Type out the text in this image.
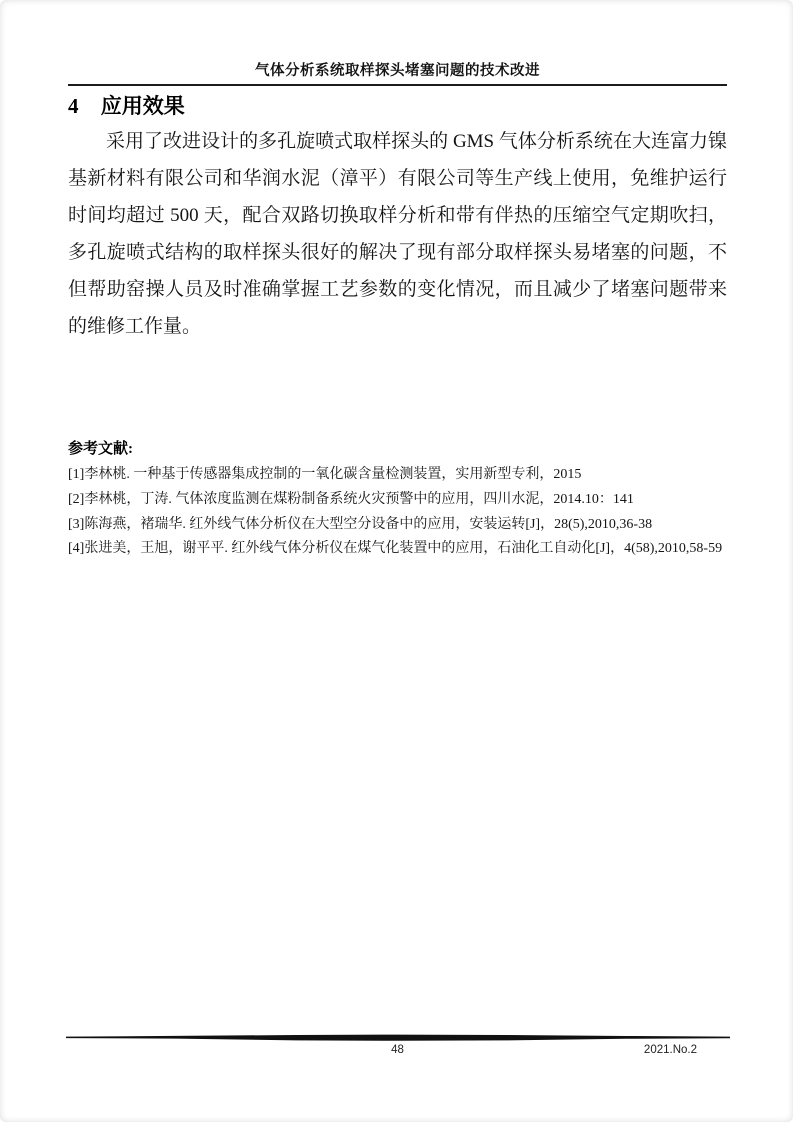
气体分析系统取样探头堵塞问题的技术改进
4 应用效果
采用了改进设计的多孔旋喷式取样探头的 GMS 气体分析系统在大连富力镍基新材料有限公司和华润水泥（漳平）有限公司等生产线上使用，免维护运行时间均超过 500 天，配合双路切换取样分析和带有伴热的压缩空气定期吹扫，多孔旋喷式结构的取样探头很好的解决了现有部分取样探头易堵塞的问题，不但帮助窑操人员及时准确掌握工艺参数的变化情况，而且减少了堵塞问题带来的维修工作量。
参考文献:
[1]李林桃. 一种基于传感器集成控制的一氧化碳含量检测装置，实用新型专利，2015
[2]李林桃，丁涛. 气体浓度监测在煤粉制备系统火灾预警中的应用，四川水泥，2014.10：141
[3]陈海燕，褚瑞华. 红外线气体分析仪在大型空分设备中的应用，安装运转[J]，28(5),2010,36-38
[4]张进美，王旭，谢平平. 红外线气体分析仪在煤气化装置中的应用，石油化工自动化[J]，4(58),2010,58-59
48	2021.No.2
